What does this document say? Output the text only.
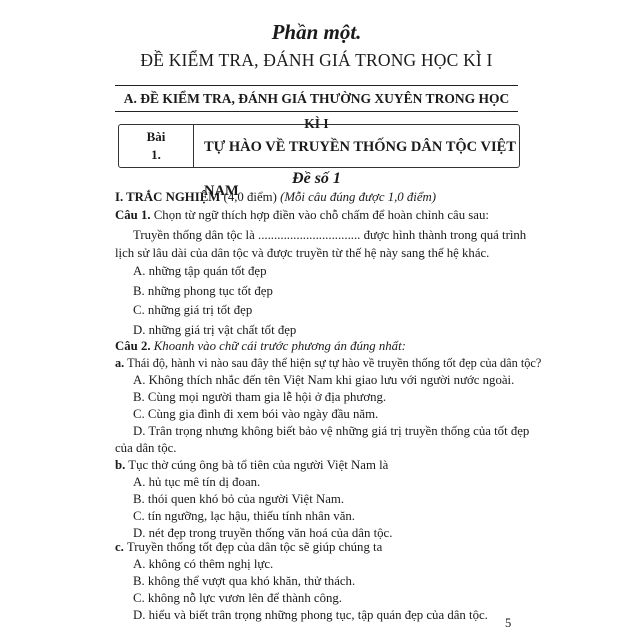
Phần một.
ĐỀ KIỂM TRA, ĐÁNH GIÁ TRONG HỌC KÌ I
A. ĐỀ KIỂM TRA, ĐÁNH GIÁ THƯỜNG XUYÊN TRONG HỌC KÌ I
Bài
1.	TỰ HÀO VỀ TRUYỀN THỐNG DÂN TỘC VIỆT NAM
Đề số 1
I. TRẮC NGHIỆM (4,0 điểm) (Mỗi câu đúng được 1,0 điểm)
Câu 1. Chọn từ ngữ thích hợp điền vào chỗ chấm để hoàn chỉnh câu sau:
Truyền thống dân tộc là ................................ được hình thành trong quá trình
lịch sử lâu dài của dân tộc và được truyền từ thế hệ này sang thế hệ khác.
A. những tập quán tốt đẹp
B. những phong tục tốt đẹp
C. những giá trị tốt đẹp
D. những giá trị vật chất tốt đẹp
Câu 2. Khoanh vào chữ cái trước phương án đúng nhất:
a. Thái độ, hành vi nào sau đây thể hiện sự tự hào về truyền thống tốt đẹp của dân tộc?
A. Không thích nhắc đến tên Việt Nam khi giao lưu với người nước ngoài.
B. Cùng mọi người tham gia lễ hội ở địa phương.
C. Cùng gia đình đi xem bói vào ngày đầu năm.
D. Trân trọng nhưng không biết bảo vệ những giá trị truyền thống của tốt đẹp
của dân tộc.
b. Tục thờ cúng ông bà tổ tiên của người Việt Nam là
A. hủ tục mê tín dị đoan.
B. thói quen khó bỏ của người Việt Nam.
C. tín ngưỡng, lạc hậu, thiếu tính nhân văn.
D. nét đẹp trong truyền thống văn hoá của dân tộc.
c. Truyền thống tốt đẹp của dân tộc sẽ giúp chúng ta
A. không có thêm nghị lực.
B. không thể vượt qua khó khăn, thử thách.
C. không nỗ lực vươn lên để thành công.
D. hiểu và biết trân trọng những phong tục, tập quán đẹp của dân tộc.
5
